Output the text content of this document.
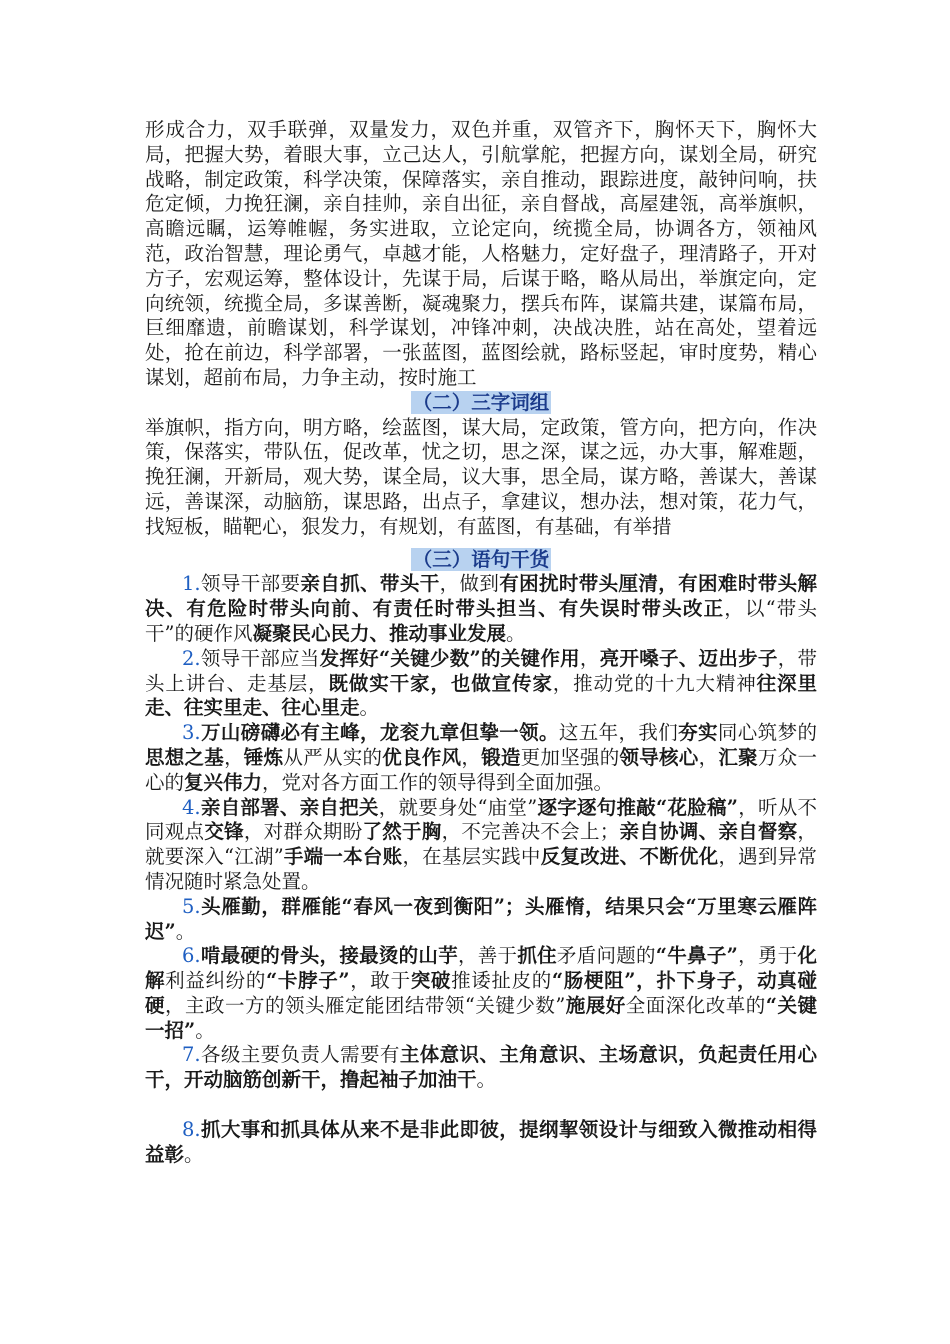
形成合力，双手联弹，双量发力，双色并重，双管齐下，胸怀天下，胸怀大局，把握大势，着眼大事，立己达人，引航掌舵，把握方向，谋划全局，研究战略，制定政策，科学决策，保障落实，亲自推动，跟踪进度，敲钟问响，扶危定倾，力挽狂澜，亲自挂帅，亲自出征，亲自督战，高屋建瓴，高举旗帜，高瞻远瞩，运筹帷幄，务实进取，立论定向，统揽全局，协调各方，领袖风范，政治智慧，理论勇气，卓越才能，人格魅力，定好盘子，理清路子，开对方子，宏观运筹，整体设计，先谋于局，后谋于略，略从局出，举旗定向，定向统领，统揽全局，多谋善断，凝魂聚力，摆兵布阵，谋篇共建，谋篇布局，巨细靡遗，前瞻谋划，科学谋划，冲锋冲刺，决战决胜，站在高处，望着远处，抢在前边，科学部署，一张蓝图，蓝图绘就，路标竖起，审时度势，精心谋划，超前布局，力争主动，按时施工

（二）三字词组

举旗帜，指方向，明方略，绘蓝图，谋大局，定政策，管方向，把方向，作决策，保落实，带队伍，促改革，忧之切，思之深，谋之远，办大事，解难题，挽狂澜，开新局，观大势，谋全局，议大事，思全局，谋方略，善谋大，善谋远，善谋深，动脑筋，谋思路，出点子，拿建议，想办法，想对策，花力气，找短板，瞄靶心，狠发力，有规划，有蓝图，有基础，有举措

（三）语句干货

1.领导干部要亲自抓、带头干，做到有困扰时带头厘清，有困难时带头解决、有危险时带头向前、有责任时带头担当、有失误时带头改正，以“带头干”的硬作风凝聚民心民力、推动事业发展。

2.领导干部应当发挥好“关键少数”的关键作用，亮开嗓子、迈出步子，带头上讲台、走基层，既做实干家，也做宣传家，推动党的十九大精神往深里走、往实里走、往心里走。

3.万山磅礴必有主峰，龙衮九章但挚一领。这五年，我们夯实同心筑梦的思想之基，锤炼从严从实的优良作风，锻造更加坚强的领导核心，汇聚万众一心的复兴伟力，党对各方面工作的领导得到全面加强。

4.亲自部署、亲自把关，就要身处“庙堂”逐字逐句推敲“花脸稿”，听从不同观点交锋，对群众期盼了然于胸，不完善决不会上；亲自协调、亲自督察，就要深入“江湖”手端一本台账，在基层实践中反复改进、不断优化，遇到异常情况随时紧急处置。

5.头雁勤，群雁能“春风一夜到衡阳”；头雁惰，结果只会“万里寒云雁阵迟”。

6.啃最硬的骨头，接最烫的山芋，善于抓住矛盾问题的“牛鼻子”，勇于化解利益纠纷的“卡脖子”，敢于突破推诿扯皮的“肠梗阻”，扑下身子，动真碰硬，主政一方的领头雁定能团结带领“关键少数”施展好全面深化改革的“关键一招”。

7.各级主要负责人需要有主体意识、主角意识、主场意识，负起责任用心干，开动脑筋创新干，撸起袖子加油干。

8.抓大事和抓具体从来不是非此即彼，提纲挈领设计与细致入微推动相得益彰。
